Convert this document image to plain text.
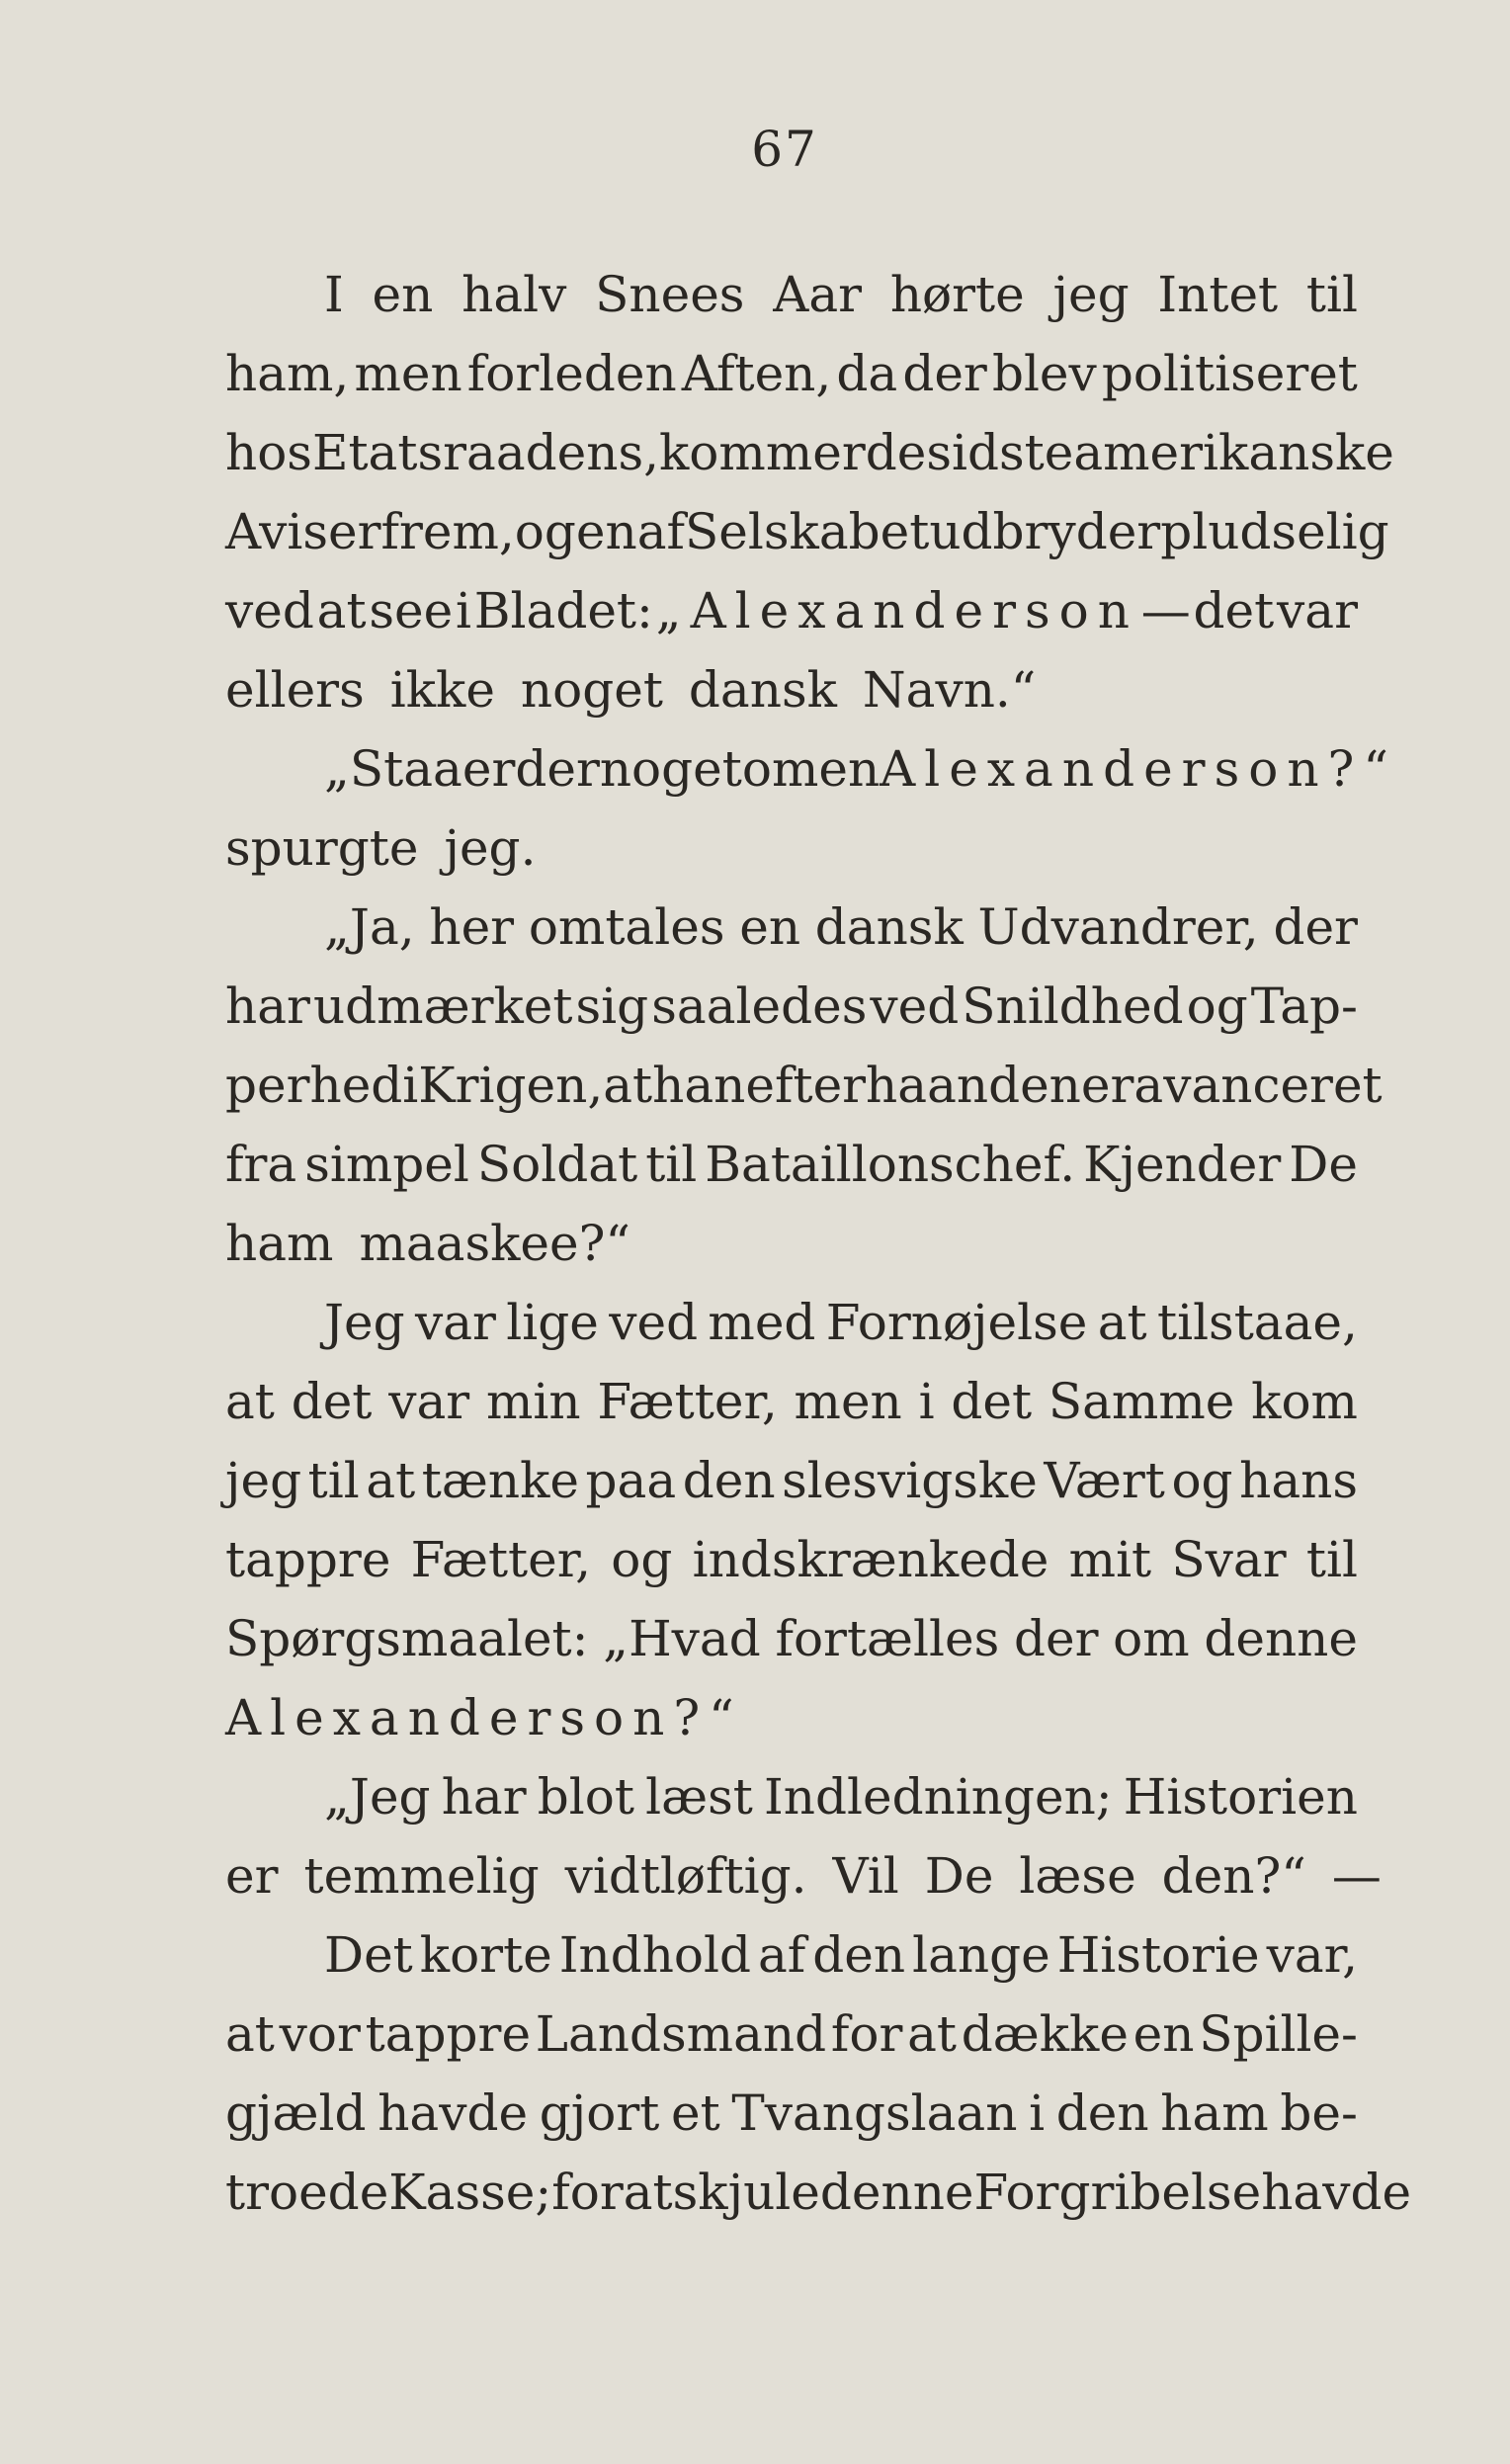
67
I en halv Snees Aar hørte jeg Intet til
ham, men forleden Aften, da der blev politiseret
hos Etatsraadens, kommer de sidste amerikanske
Aviser frem, og en af Selskabet udbryder pludselig
ved at see i Bladet: „Alexanderson — det var
ellers ikke noget dansk Navn.“
„Staaer der noget om en Alexanderson?“
spurgte jeg.
„Ja, her omtales en dansk Udvandrer, der
har udmærket sig saaledes ved Snildhed og Tap-
perhed i Krigen, at han efterhaanden er avanceret
fra simpel Soldat til Bataillonschef. Kjender De
ham maaskee?“
Jeg var lige ved med Fornøjelse at tilstaae,
at det var min Fætter, men i det Samme kom
jeg til at tænke paa den slesvigske Vært og hans
tappre Fætter, og indskrænkede mit Svar til
Spørgsmaalet: „Hvad fortælles der om denne
Alexanderson?“
„Jeg har blot læst Indledningen; Historien
er temmelig vidtløftig. Vil De læse den?“ —
Det korte Indhold af den lange Historie var,
at vor tappre Landsmand for at dække en Spille-
gjæld havde gjort et Tvangslaan i den ham be-
troede Kasse; for at skjule denne Forgribelse havde
